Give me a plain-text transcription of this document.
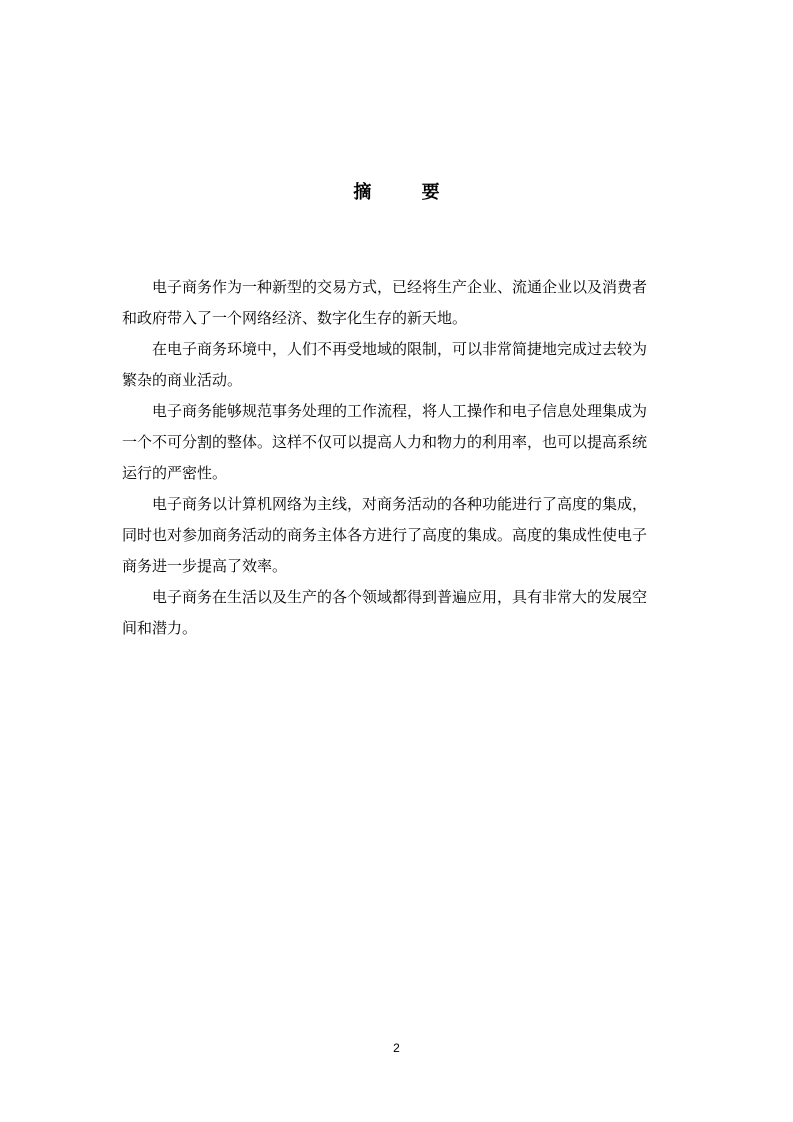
摘 要

电子商务作为一种新型的交易方式，已经将生产企业、流通企业以及消费者
和政府带入了一个网络经济、数字化生存的新天地。

在电子商务环境中，人们不再受地域的限制，可以非常简捷地完成过去较为
繁杂的商业活动。

电子商务能够规范事务处理的工作流程，将人工操作和电子信息处理集成为
一个不可分割的整体。这样不仅可以提高人力和物力的利用率，也可以提高系统
运行的严密性。

电子商务以计算机网络为主线，对商务活动的各种功能进行了高度的集成，
同时也对参加商务活动的商务主体各方进行了高度的集成。高度的集成性使电子
商务进一步提高了效率。

电子商务在生活以及生产的各个领域都得到普遍应用，具有非常大的发展空
间和潜力。

2
